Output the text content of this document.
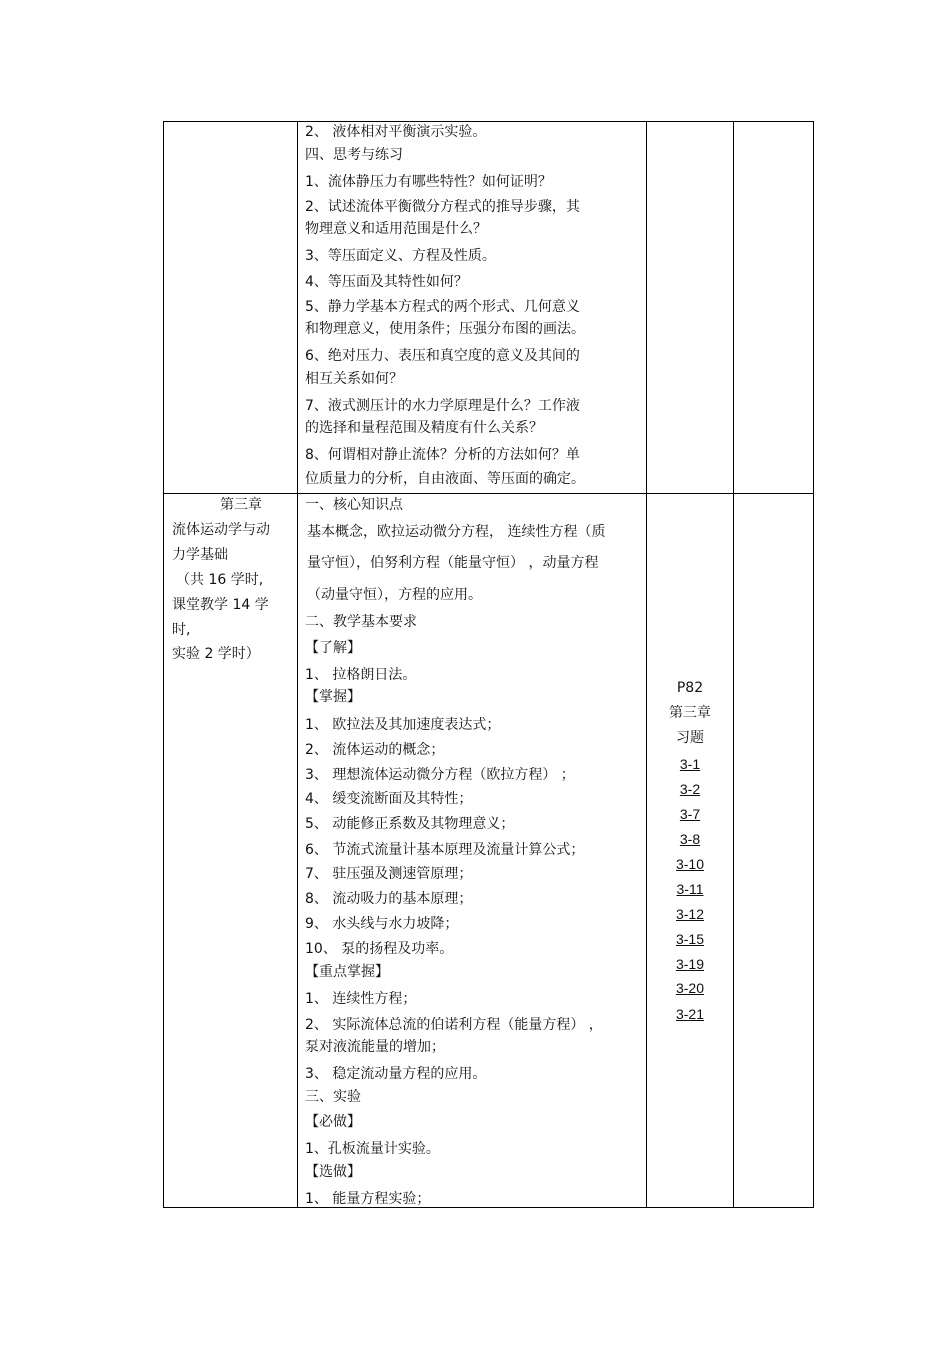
2、 液体相对平衡演示实验。
四、思考与练习
1、流体静压力有哪些特性？如何证明？
2、试述流体平衡微分方程式的推导步骤，其
物理意义和适用范围是什么？
3、等压面定义、方程及性质。
4、等压面及其特性如何？
5、静力学基本方程式的两个形式、几何意义
和物理意义，使用条件；压强分布图的画法。
6、绝对压力、表压和真空度的意义及其间的
相互关系如何？
7、液式测压计的水力学原理是什么？工作液
的选择和量程范围及精度有什么关系？
8、何谓相对静止流体？分析的方法如何？单
位质量力的分析，自由液面、等压面的确定。
第三章
流体运动学与动
力学基础
（共 16 学时,
课堂教学 14 学
时,
实验 2 学时）
一、核心知识点
基本概念，欧拉运动微分方程， 连续性方程（质
量守恒），伯努利方程（能量守恒） ，动量方程
（动量守恒），方程的应用。
二、教学基本要求
【了解】
1、 拉格朗日法。
【掌握】
1、 欧拉法及其加速度表达式；
2、 流体运动的概念；
3、 理想流体运动微分方程（欧拉方程） ；
4、 缓变流断面及其特性；
5、 动能修正系数及其物理意义；
6、 节流式流量计基本原理及流量计算公式；
7、 驻压强及测速管原理；
8、 流动吸力的基本原理；
9、 水头线与水力坡降；
10、 泵的扬程及功率。
【重点掌握】
1、 连续性方程；
2、 实际流体总流的伯诺利方程（能量方程） ，
泵对液流能量的增加；
3、 稳定流动量方程的应用。
三、实验
【必做】
1、孔板流量计实验。
【选做】
1、 能量方程实验；
P82
第三章
习题
3-1
3-2
3-7
3-8
3-10
3-11
3-12
3-15
3-19
3-20
3-21
